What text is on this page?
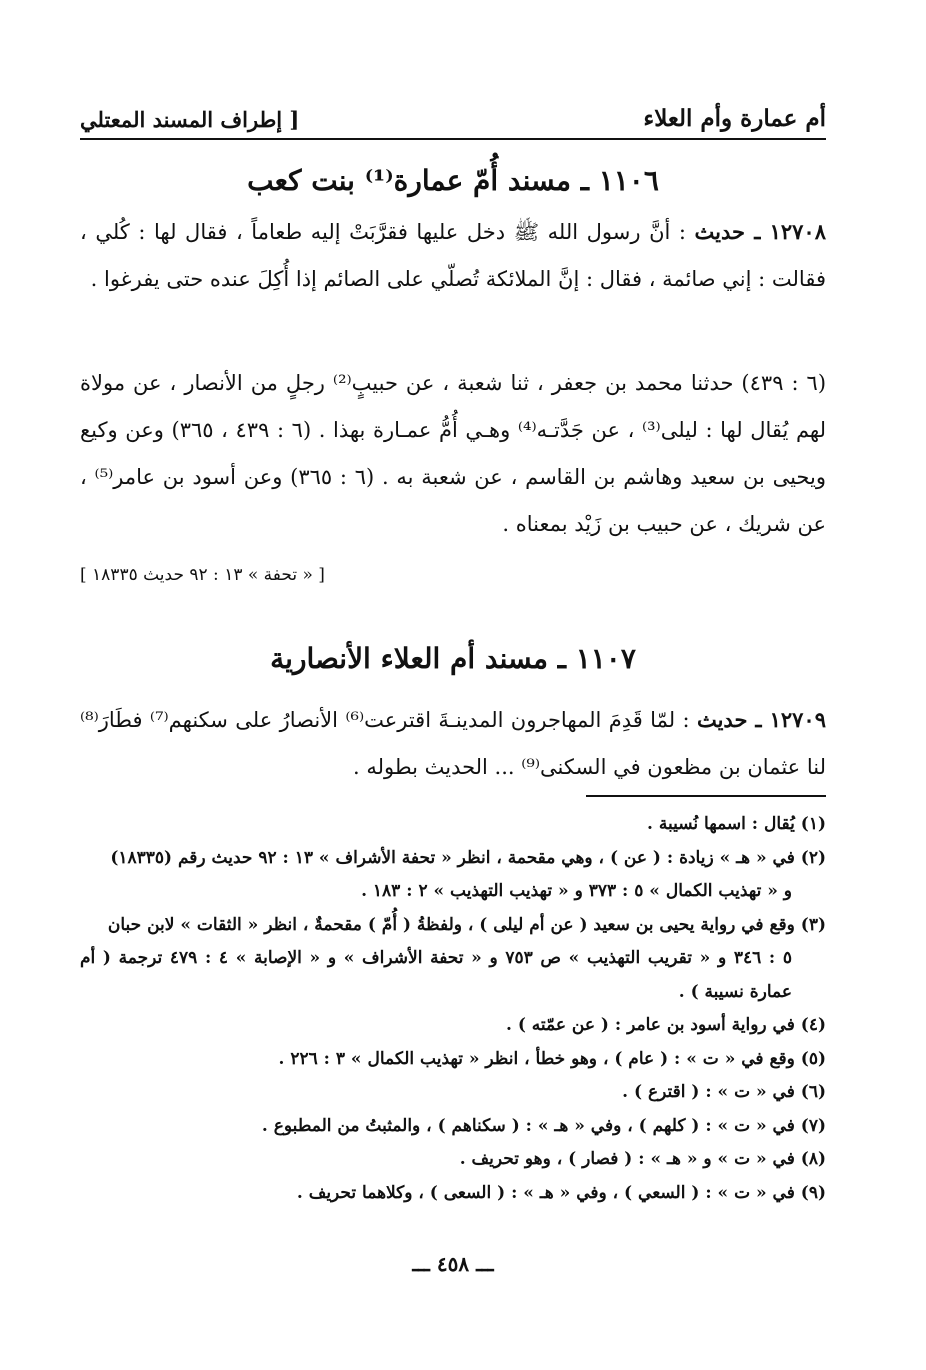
أم عمارة وأم العلاء
[ إطراف المسند المعتلي
١١٠٦ ـ مسند أُمّ عمارة⁽¹⁾ بنت كعب
١٢٧٠٨ ـ حديث : أنَّ رسول الله ﷺ دخل عليها فقرَّبَتْ إليه طعاماً ، فقال لها : كُلي ، فقالت : إني صائمة ، فقال : إنَّ الملائكة تُصلّي على الصائم إذا أُكِلَ عنده حتى يفرغوا .
(٦ : ٤٣٩) حدثنا محمد بن جعفر ، ثنا شعبة ، عن حبيبٍ⁽²⁾ رجلٍ من الأنصار ، عن مولاة لهم يُقال لها : ليلى⁽³⁾ ، عن جَدَّتـه⁽⁴⁾ وهـي أُمُّ عمـارة بهذا . (٦ : ٤٣٩ ، ٣٦٥) وعن وكيع ويحيى بن سعيد وهاشم بن القاسم ، عن شعبة به . (٦ : ٣٦٥) وعن أسود بن عامر⁽⁵⁾ ، عن شريك ، عن حبيب بن زَيْد بمعناه .
[ « تحفة » ١٣ : ٩٢ حديث ١٨٣٣٥ ]
١١٠٧ ـ مسند أم العلاء الأنصارية
١٢٧٠٩ ـ حديث : لمّا قَدِمَ المهاجرون المدينـةَ اقترعت⁽⁶⁾ الأنصارُ على سكنهم⁽⁷⁾ فطَارَ⁽⁸⁾ لنا عثمان بن مظعون في السكنى⁽⁹⁾ ... الحديث بطوله .
(١) يُقال : اسمها نُسيبة .
(٢) في « هـ » زيادة : ( عن ) ، وهي مقحمة ، انظر « تحفة الأشراف » ١٣ : ٩٢ حديث رقم (١٨٣٣٥)
و « تهذيب الكمال » ٥ : ٣٧٣ و « تهذيب التهذيب » ٢ : ١٨٣ .
(٣) وقع في رواية يحيى بن سعيد ( عن أم ليلى ) ، ولفظةُ ( أُمّ ) مقحمةٌ ، انظر « الثقات » لابن حبان
٥ : ٣٤٦ و « تقريب التهذيب » ص ٧٥٣ و « تحفة الأشراف » و « الإصابة » ٤ : ٤٧٩ ترجمة ( أم عمارة نسيبة ) .
(٤) في رواية أسود بن عامر : ( عن عمّته ) .
(٥) وقع في « ت » : ( عام ) ، وهو خطأ ، انظر « تهذيب الكمال » ٣ : ٢٢٦ .
(٦) في « ت » : ( اقترع ) .
(٧) في « ت » : ( كلهم ) ، وفي « هـ » : ( سكناهم ) ، والمثبتُ من المطبوع .
(٨) في « ت » و « هـ » : ( فصار ) ، وهو تحريف .
(٩) في « ت » : ( السعي ) ، وفي « هـ » : ( السعى ) ، وكلاهما تحريف .
ـــ ٤٥٨ ـــ
